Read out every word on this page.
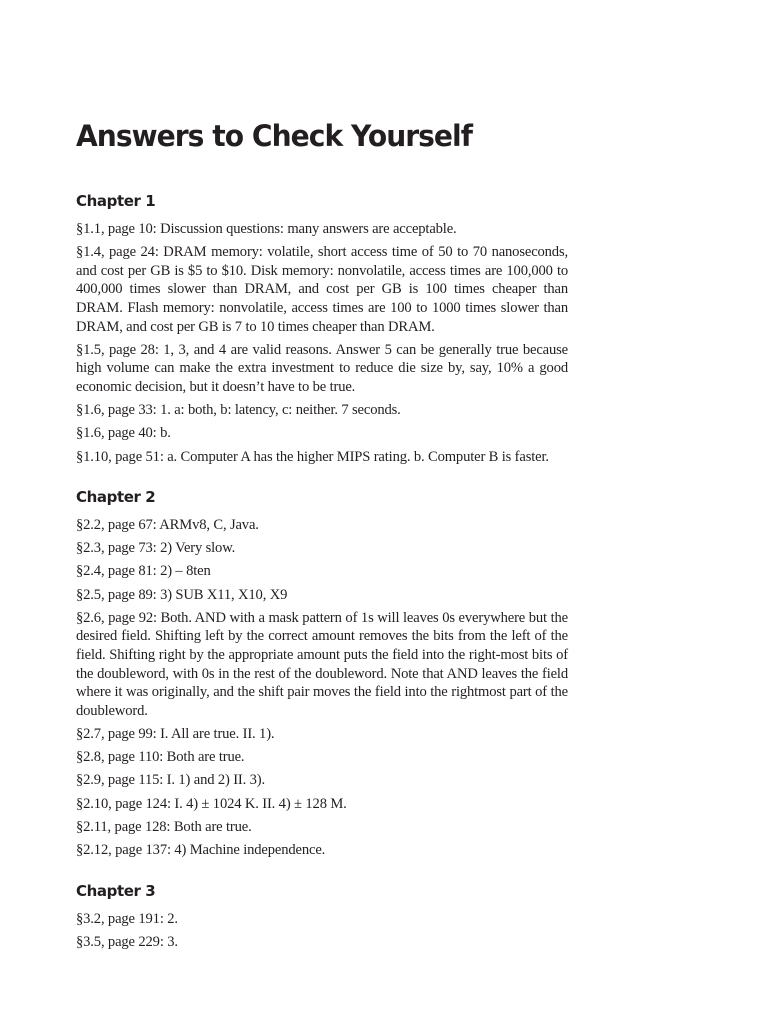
Answers to Check Yourself
Chapter 1

§1.1, page 10: Discussion questions: many answers are acceptable.

§1.4, page 24: DRAM memory: volatile, short access time of 50 to 70 nanoseconds, and cost per GB is $5 to $10. Disk memory: nonvolatile, access times are 100,000 to 400,000 times slower than DRAM, and cost per GB is 100 times cheaper than DRAM. Flash memory: nonvolatile, access times are 100 to 1000 times slower than DRAM, and cost per GB is 7 to 10 times cheaper than DRAM.

§1.5, page 28: 1, 3, and 4 are valid reasons. Answer 5 can be generally true because high volume can make the extra investment to reduce die size by, say, 10% a good economic decision, but it doesn’t have to be true.

§1.6, page 33: 1. a: both, b: latency, c: neither. 7 seconds.

§1.6, page 40: b.

§1.10, page 51: a. Computer A has the higher MIPS rating. b. Computer B is faster.

Chapter 2

§2.2, page 67: ARMv8, C, Java.

§2.3, page 73: 2) Very slow.

§2.4, page 81: 2) – 8ten

§2.5, page 89: 3) SUB X11, X10, X9

§2.6, page 92: Both. AND with a mask pattern of 1s will leaves 0s everywhere but the desired field. Shifting left by the correct amount removes the bits from the left of the field. Shifting right by the appropriate amount puts the field into the right-most bits of the doubleword, with 0s in the rest of the doubleword. Note that AND leaves the field where it was originally, and the shift pair moves the field into the rightmost part of the doubleword.

§2.7, page 99: I. All are true. II. 1).

§2.8, page 110: Both are true.

§2.9, page 115: I. 1) and 2) II. 3).

§2.10, page 124: I. 4) ± 1024 K. II. 4) ± 128 M.

§2.11, page 128: Both are true.

§2.12, page 137: 4) Machine independence.

Chapter 3

§3.2, page 191: 2.

§3.5, page 229: 3.
